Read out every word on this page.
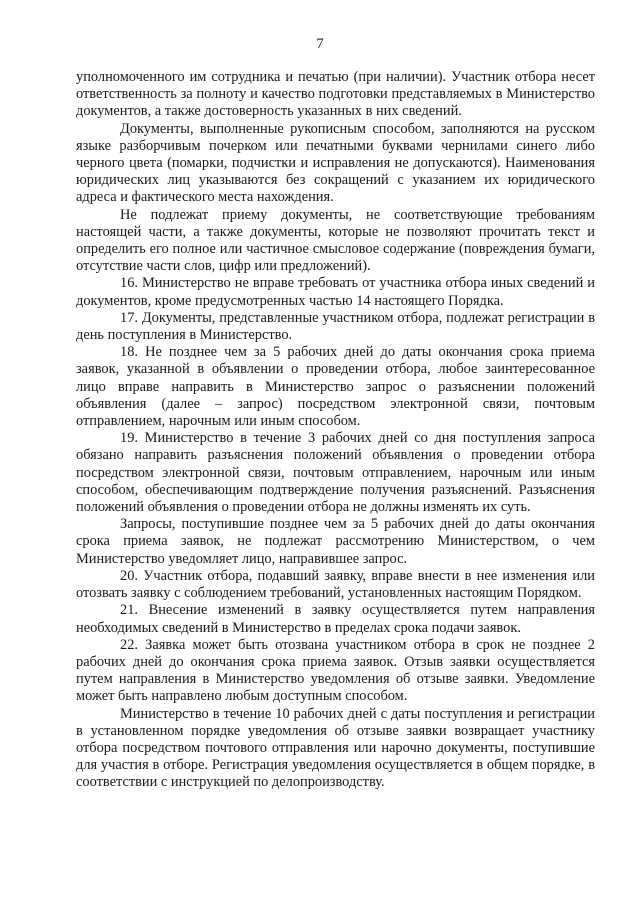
7

уполномоченного им сотрудника и печатью (при наличии). Участник отбора несет ответственность за полноту и качество подготовки представляемых в Министерство документов, а также достоверность указанных в них сведений.

Документы, выполненные рукописным способом, заполняются на русском языке разборчивым почерком или печатными буквами чернилами синего либо черного цвета (помарки, подчистки и исправления не допускаются). Наименования юридических лиц указываются без сокращений с указанием их юридического адреса и фактического места нахождения.

Не подлежат приему документы, не соответствующие требованиям настоящей части, а также документы, которые не позволяют прочитать текст и определить его полное или частичное смысловое содержание (повреждения бумаги, отсутствие части слов, цифр или предложений).

16. Министерство не вправе требовать от участника отбора иных сведений и документов, кроме предусмотренных частью 14 настоящего Порядка.

17. Документы, представленные участником отбора, подлежат регистрации в день поступления в Министерство.

18. Не позднее чем за 5 рабочих дней до даты окончания срока приема заявок, указанной в объявлении о проведении отбора, любое заинтересованное лицо вправе направить в Министерство запрос о разъяснении положений объявления (далее – запрос) посредством электронной связи, почтовым отправлением, нарочным или иным способом.

19. Министерство в течение 3 рабочих дней со дня поступления запроса обязано направить разъяснения положений объявления о проведении отбора посредством электронной связи, почтовым отправлением, нарочным или иным способом, обеспечивающим подтверждение получения разъяснений. Разъяснения положений объявления о проведении отбора не должны изменять их суть.

Запросы, поступившие позднее чем за 5 рабочих дней до даты окончания срока приема заявок, не подлежат рассмотрению Министерством, о чем Министерство уведомляет лицо, направившее запрос.

20. Участник отбора, подавший заявку, вправе внести в нее изменения или отозвать заявку с соблюдением требований, установленных настоящим Порядком.

21. Внесение изменений в заявку осуществляется путем направления необходимых сведений в Министерство в пределах срока подачи заявок.

22. Заявка может быть отозвана участником отбора в срок не позднее 2 рабочих дней до окончания срока приема заявок. Отзыв заявки осуществляется путем направления в Министерство уведомления об отзыве заявки. Уведомление может быть направлено любым доступным способом.

Министерство в течение 10 рабочих дней с даты поступления и регистрации в установленном порядке уведомления об отзыве заявки возвращает участнику отбора посредством почтового отправления или нарочно документы, поступившие для участия в отборе. Регистрация уведомления осуществляется в общем порядке, в соответствии с инструкцией по делопроизводству.
